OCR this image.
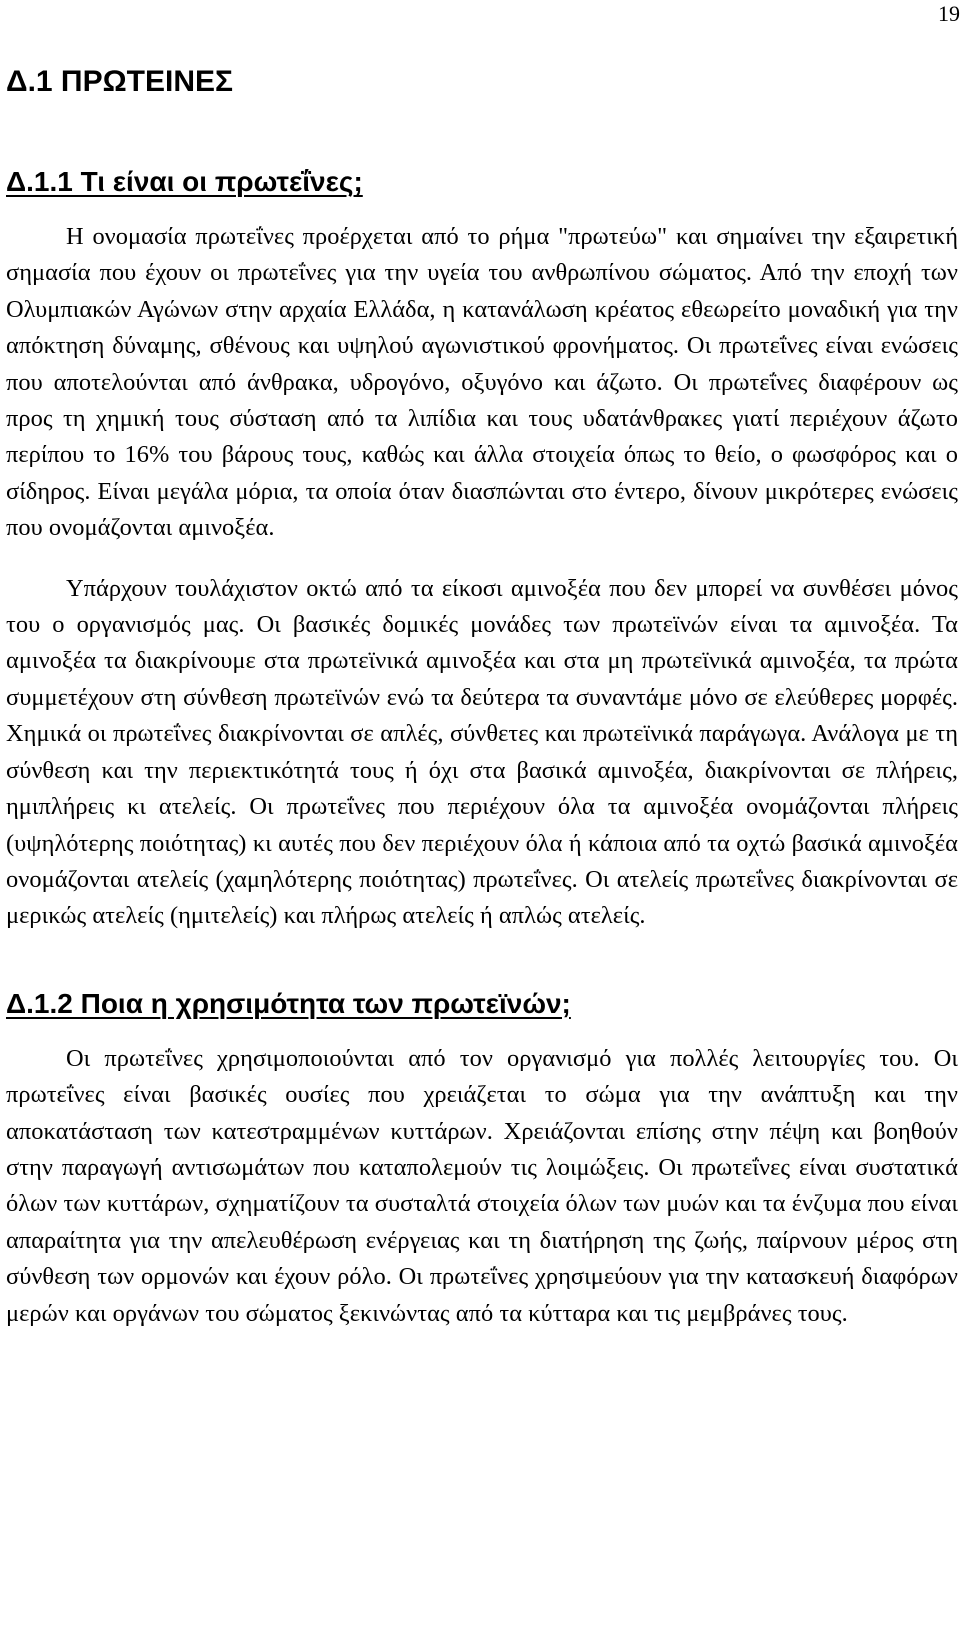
19
Δ.1 ΠΡΩΤΕΙΝΕΣ
Δ.1.1 Τι είναι οι πρωτεΐνες;

Η ονομασία πρωτεΐνες προέρχεται από το ρήμα "πρωτεύω" και σημαίνει την εξαιρετική σημασία που έχουν οι πρωτεΐνες για την υγεία του ανθρωπίνου σώματος. Από την εποχή των Ολυμπιακών Αγώνων στην αρχαία Ελλάδα, η κατανάλωση κρέατος εθεωρείτο μοναδική για την απόκτηση δύναμης, σθένους και υψηλού αγωνιστικού φρονήματος. Οι πρωτεΐνες είναι ενώσεις που αποτελούνται από άνθρακα, υδρογόνο, οξυγόνο και άζωτο. Οι πρωτεΐνες διαφέρουν ως προς τη χημική τους σύσταση από τα λιπίδια και τους υδατάνθρακες γιατί περιέχουν άζωτο περίπου το 16% του βάρους τους, καθώς και άλλα στοιχεία όπως το θείο, ο φωσφόρος και ο σίδηρος. Είναι μεγάλα μόρια, τα οποία όταν διασπώνται στο έντερο, δίνουν μικρότερες ενώσεις που ονομάζονται αμινοξέα.

Υπάρχουν τουλάχιστον οκτώ από τα είκοσι αμινοξέα που δεν μπορεί να συνθέσει μόνος του ο οργανισμός μας. Οι βασικές δομικές μονάδες των πρωτεϊνών είναι τα αμινοξέα. Τα αμινοξέα τα διακρίνουμε στα πρωτεϊνικά αμινοξέα και στα μη πρωτεϊνικά αμινοξέα, τα πρώτα συμμετέχουν στη σύνθεση πρωτεϊνών ενώ τα δεύτερα τα συναντάμε μόνο σε ελεύθερες μορφές. Χημικά οι πρωτεΐνες διακρίνονται σε απλές, σύνθετες και πρωτεϊνικά παράγωγα. Ανάλογα με τη σύνθεση και την περιεκτικότητά τους ή όχι στα βασικά αμινοξέα, διακρίνονται σε πλήρεις, ημιπλήρεις κι ατελείς. Οι πρωτεΐνες που περιέχουν όλα τα αμινοξέα ονομάζονται πλήρεις (υψηλότερης ποιότητας) κι αυτές που δεν περιέχουν όλα ή κάποια από τα οχτώ βασικά αμινοξέα ονομάζονται ατελείς (χαμηλότερης ποιότητας) πρωτεΐνες. Οι ατελείς πρωτεΐνες διακρίνονται σε μερικώς ατελείς (ημιτελείς) και πλήρως ατελείς ή απλώς ατελείς.

Δ.1.2 Ποια η χρησιμότητα των πρωτεϊνών;

Οι πρωτεΐνες χρησιμοποιούνται από τον οργανισμό για πολλές λειτουργίες του. Οι πρωτεΐνες είναι βασικές ουσίες που χρειάζεται το σώμα για την ανάπτυξη και την αποκατάσταση των κατεστραμμένων κυττάρων. Χρειάζονται επίσης στην πέψη και βοηθούν στην παραγωγή αντισωμάτων που καταπολεμούν τις λοιμώξεις. Οι πρωτεΐνες είναι συστατικά όλων των κυττάρων, σχηματίζουν τα συσταλτά στοιχεία όλων των μυών και τα ένζυμα που είναι απαραίτητα για την απελευθέρωση ενέργειας και τη διατήρηση της ζωής, παίρνουν μέρος στη σύνθεση των ορμονών και έχουν ρόλο. Οι πρωτεΐνες χρησιμεύουν για την κατασκευή διαφόρων μερών και οργάνων του σώματος ξεκινώντας από τα κύτταρα και τις μεμβράνες τους.
